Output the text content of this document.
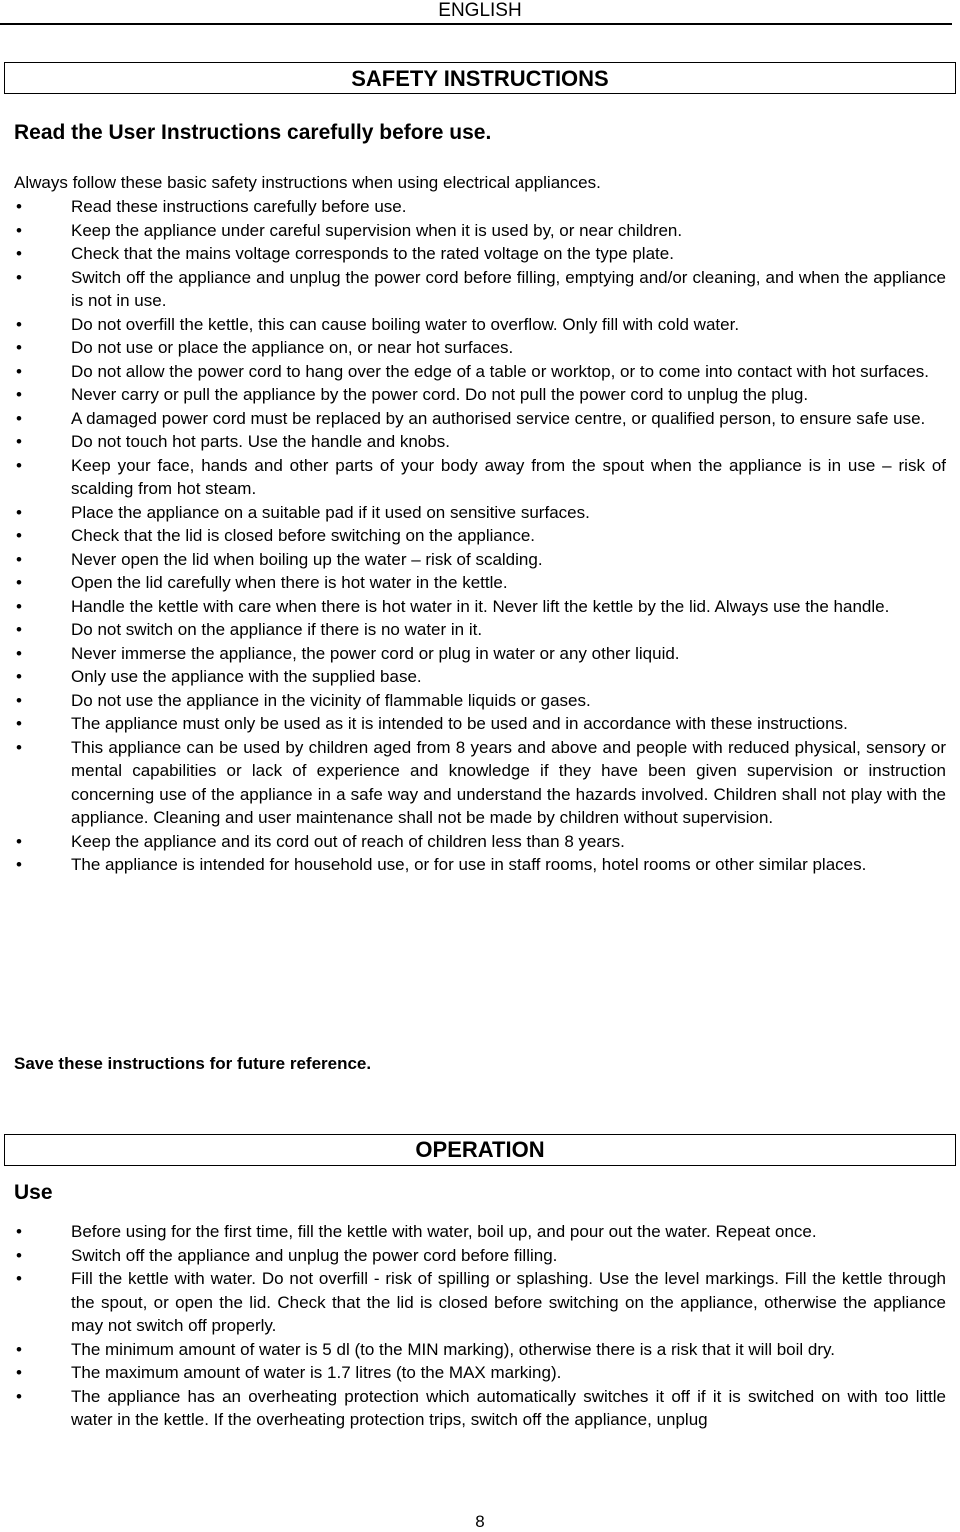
ENGLISH
SAFETY INSTRUCTIONS
Read the User Instructions carefully before use.
Always follow these basic safety instructions when using electrical appliances.
•	Read these instructions carefully before use.
•	Keep the appliance under careful supervision when it is used by, or near children.
•	Check that the mains voltage corresponds to the rated voltage on the type plate.
•	Switch off the appliance and unplug the power cord before filling, emptying and/or cleaning, and when the appliance is not in use.
•	Do not overfill the kettle, this can cause boiling water to overflow. Only fill with cold water.
•	Do not use or place the appliance on, or near hot surfaces.
•	Do not allow the power cord to hang over the edge of a table or worktop, or to come into contact with hot surfaces.
•	Never carry or pull the appliance by the power cord. Do not pull the power cord to unplug the plug.
•	A damaged power cord must be replaced by an authorised service centre, or qualified person, to ensure safe use.
•	Do not touch hot parts. Use the handle and knobs.
•	Keep your face, hands and other parts of your body away from the spout when the appliance is in use – risk of scalding from hot steam.
•	Place the appliance on a suitable pad if it used on sensitive surfaces.
•	Check that the lid is closed before switching on the appliance.
•	Never open the lid when boiling up the water – risk of scalding.
•	Open the lid carefully when there is hot water in the kettle.
•	Handle the kettle with care when there is hot water in it. Never lift the kettle by the lid. Always use the handle.
•	Do not switch on the appliance if there is no water in it.
•	Never immerse the appliance, the power cord or plug in water or any other liquid.
•	Only use the appliance with the supplied base.
•	Do not use the appliance in the vicinity of flammable liquids or gases.
•	The appliance must only be used as it is intended to be used and in accordance with these instructions.
•	This appliance can be used by children aged from 8 years and above and people with reduced physical, sensory or mental capabilities or lack of experience and knowledge if they have been given supervision or instruction concerning use of the appliance in a safe way and understand the hazards involved. Children shall not play with the appliance. Cleaning and user maintenance shall not be made by children without supervision.
•	Keep the appliance and its cord out of reach of children less than 8 years.
•	The appliance is intended for household use, or for use in staff rooms, hotel rooms or other similar places.
Save these instructions for future reference.
OPERATION
Use
•	Before using for the first time, fill the kettle with water, boil up, and pour out the water. Repeat once.
•	Switch off the appliance and unplug the power cord before filling.
•	Fill the kettle with water. Do not overfill - risk of spilling or splashing. Use the level markings. Fill the kettle through the spout, or open the lid. Check that the lid is closed before switching on the appliance, otherwise the appliance may not switch off properly.
•	The minimum amount of water is 5 dl (to the MIN marking), otherwise there is a risk that it will boil dry.
•	The maximum amount of water is 1.7 litres (to the MAX marking).
•	The appliance has an overheating protection which automatically switches it off if it is switched on with too little water in the kettle. If the overheating protection trips, switch off the appliance, unplug
8
